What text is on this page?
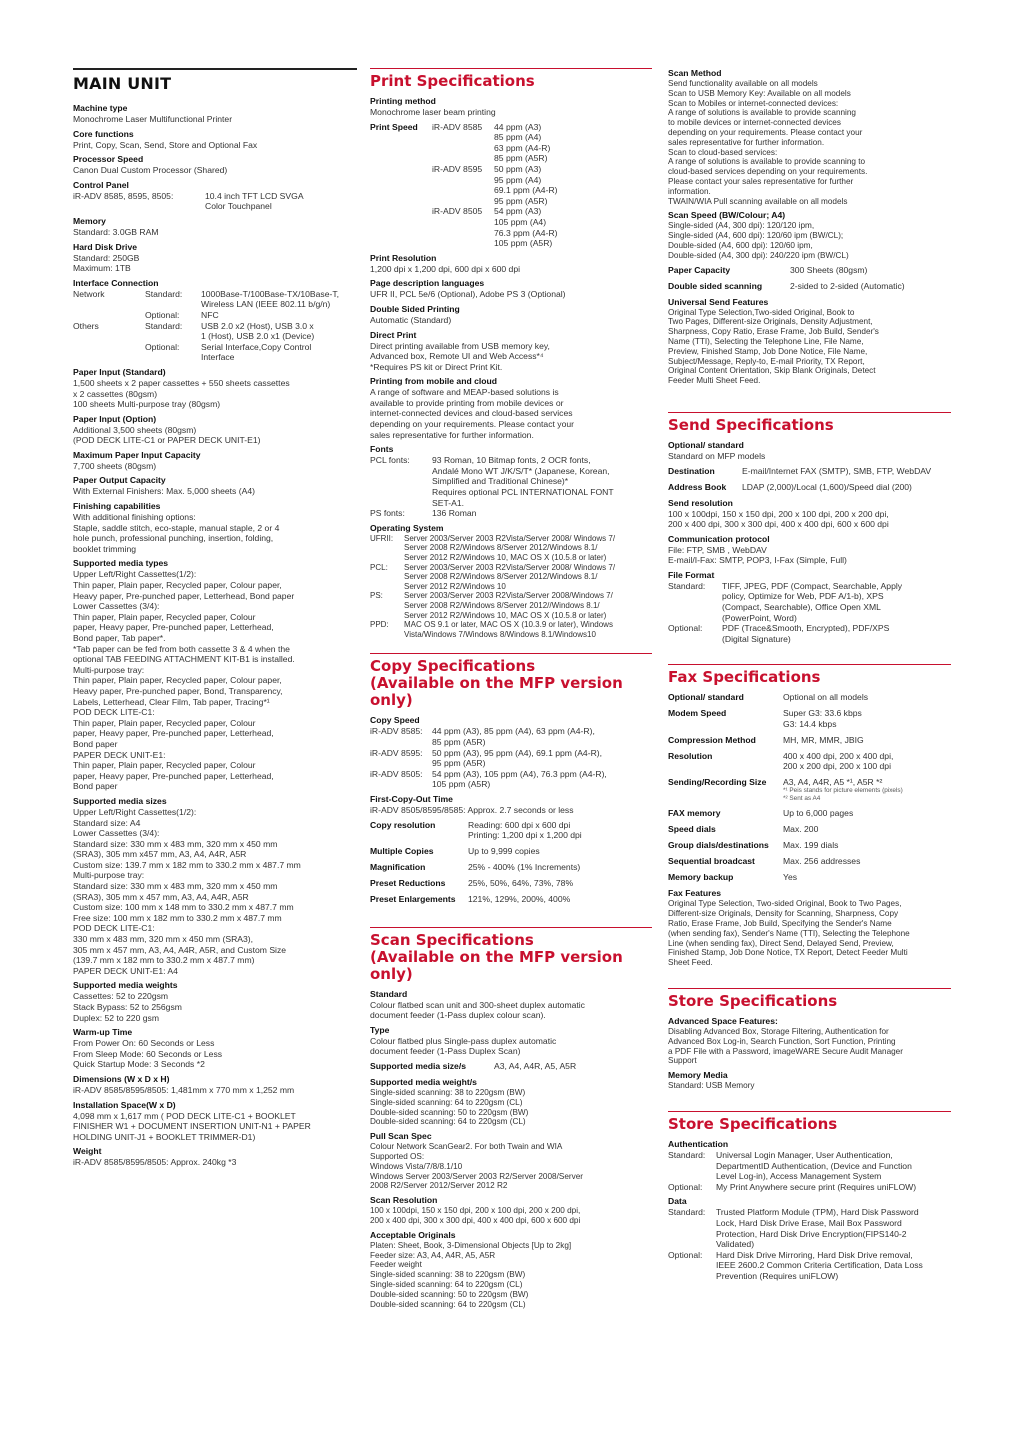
MAIN UNIT
Machine type
Monochrome Laser Multifunctional Printer
Core functions
Print, Copy, Scan, Send, Store and Optional Fax
Processor Speed
Canon Dual Custom Processor (Shared)
Control Panel
iR-ADV 8585, 8595, 8505:	10.4 inch TFT LCD SVGA
Color Touchpanel
Memory
Standard: 3.0GB RAM
Hard Disk Drive
Standard: 250GB
Maximum: 1TB
Interface Connection
Network	Standard:	1000Base-T/100Base-TX/10Base-T,
Wireless LAN (IEEE 802.11 b/g/n)
Optional:	NFC
Others	Standard:	USB 2.0 x2 (Host), USB 3.0 x
1 (Host), USB 2.0 x1 (Device)
Optional:	Serial Interface,Copy Control
Interface
Paper Input (Standard)
1,500 sheets x 2 paper cassettes + 550 sheets cassettes
x 2 cassettes (80gsm)
100 sheets Multi-purpose tray (80gsm)
Paper Input (Option)
Additional 3,500 sheets (80gsm)
(POD DECK LITE-C1 or PAPER DECK UNIT-E1)
Maximum Paper Input Capacity
7,700 sheets (80gsm)
Paper Output Capacity
With External Finishers: Max. 5,000 sheets (A4)
Finishing capabilities
With additional finishing options:
Staple, saddle stitch, eco-staple, manual staple, 2 or 4
hole punch, professional punching, insertion, folding,
booklet trimming
Supported media types
Upper Left/Right Cassettes(1/2):
Thin paper, Plain paper, Recycled paper, Colour paper,
Heavy paper, Pre-punched paper, Letterhead, Bond paper
Lower Cassettes (3/4):
Thin paper, Plain paper, Recycled paper, Colour
paper, Heavy paper, Pre-punched paper, Letterhead,
Bond paper, Tab paper*.
*Tab paper can be fed from both cassette 3 & 4 when the
optional TAB FEEDING ATTACHMENT KIT-B1 is installed.
Multi-purpose tray:
Thin paper, Plain paper, Recycled paper, Colour paper,
Heavy paper, Pre-punched paper, Bond, Transparency,
Labels, Letterhead, Clear Film, Tab paper, Tracing*¹
POD DECK LITE-C1:
Thin paper, Plain paper, Recycled paper, Colour
paper, Heavy paper, Pre-punched paper, Letterhead,
Bond paper
PAPER DECK UNIT-E1:
Thin paper, Plain paper, Recycled paper, Colour
paper, Heavy paper, Pre-punched paper, Letterhead,
Bond paper
Supported media sizes
Upper Left/Right Cassettes(1/2):
Standard size: A4
Lower Cassettes (3/4):
Standard size: 330 mm x 483 mm, 320 mm x 450 mm
(SRA3), 305 mm x457 mm, A3, A4, A4R, A5R
Custom size: 139.7 mm x 182 mm to 330.2 mm x 487.7 mm
Multi-purpose tray:
Standard size: 330 mm x 483 mm, 320 mm x 450 mm
(SRA3), 305 mm x 457 mm, A3, A4, A4R, A5R
Custom size: 100 mm x 148 mm to 330.2 mm x 487.7 mm
Free size: 100 mm x 182 mm to 330.2 mm x 487.7 mm
POD DECK LITE-C1:
330 mm x 483 mm, 320 mm x 450 mm (SRA3),
305 mm x 457 mm, A3, A4, A4R, A5R, and Custom Size
(139.7 mm x 182 mm to 330.2 mm x 487.7 mm)
PAPER DECK UNIT-E1: A4
Supported media weights
Cassettes: 52 to 220gsm
Stack Bypass: 52 to 256gsm
Duplex: 52 to 220 gsm
Warm-up Time
From Power On: 60 Seconds or Less
From Sleep Mode: 60 Seconds or Less
Quick Startup Mode: 3 Seconds *2
Dimensions (W x D x H)
iR-ADV 8585/8595/8505: 1,481mm x 770 mm x 1,252 mm
Installation Space(W x D)
4,098 mm x 1,617 mm ( POD DECK LITE-C1 + BOOKLET
FINISHER W1 + DOCUMENT INSERTION UNIT-N1 + PAPER
HOLDING UNIT-J1 + BOOKLET TRIMMER-D1)
Weight
iR-ADV 8585/8595/8505: Approx. 240kg *3
Print Specifications
Printing method
Monochrome laser beam printing
Print Speed	iR-ADV 8585	44 ppm (A3)
85 ppm (A4)
63 ppm (A4-R)
85 ppm (A5R)
iR-ADV 8595	50 ppm (A3)
95 ppm (A4)
69.1 ppm (A4-R)
95 ppm (A5R)
iR-ADV 8505	54 ppm (A3)
105 ppm (A4)
76.3 ppm (A4-R)
105 ppm (A5R)
Print Resolution
1,200 dpi x 1,200 dpi, 600 dpi x 600 dpi
Page description languages
UFR II, PCL 5e/6 (Optional), Adobe PS 3 (Optional)
Double Sided Printing
Automatic (Standard)
Direct Print
Direct printing available from USB memory key,
Advanced box, Remote UI and Web Access*⁴
*Requires PS kit or Direct Print Kit.
Printing from mobile and cloud
A range of software and MEAP-based solutions is
available to provide printing from mobile devices or
internet-connected devices and cloud-based services
depending on your requirements. Please contact your
sales representative for further information.
Fonts
PCL fonts:	93 Roman, 10 Bitmap fonts, 2 OCR fonts,
Andalé Mono WT J/K/S/T* (Japanese, Korean,
Simplified and Traditional Chinese)*
Requires optional PCL INTERNATIONAL FONT
SET-A1.
PS fonts:	136 Roman
Operating System
UFRII:	Server 2003/Server 2003 R2Vista/Server 2008/ Windows 7/
Server 2008 R2/Windows 8/Server 2012/Windows 8.1/
Server 2012 R2/Windows 10, MAC OS X (10.5.8 or later)
PCL:	Server 2003/Server 2003 R2Vista/Server 2008/ Windows 7/
Server 2008 R2/Windows 8/Server 2012/Windows 8.1/
Server 2012 R2/Windows 10
PS:	Server 2003/Server 2003 R2Vista/Server 2008/Windows 7/
Server 2008 R2/Windows 8/Server 2012//Windows 8.1/
Server 2012 R2/Windows 10, MAC OS X (10.5.8 or later)
PPD:	MAC OS 9.1 or later, MAC OS X (10.3.9 or later), Windows
Vista/Windows 7/Windows 8/Windows 8.1/Windows10
Copy Specifications
(Available on the MFP version only)
Copy Speed
iR-ADV 8585:	44 ppm (A3), 85 ppm (A4), 63 ppm (A4-R),
85 ppm (A5R)
iR-ADV 8595:	50 ppm (A3), 95 ppm (A4), 69.1 ppm (A4-R),
95 ppm (A5R)
iR-ADV 8505:	54 ppm (A3), 105 ppm (A4), 76.3 ppm (A4-R),
105 ppm (A5R)
First-Copy-Out Time
iR-ADV 8505/8595/8585: Approx. 2.7 seconds or less
Copy resolution	Reading: 600 dpi x 600 dpi
Printing: 1,200 dpi x 1,200 dpi
Multiple Copies	Up to 9,999 copies
Magnification	25% - 400% (1% Increments)
Preset Reductions	25%, 50%, 64%, 73%, 78%
Preset Enlargements	121%, 129%, 200%, 400%
Scan Specifications
(Available on the MFP version only)
Standard
Colour flatbed scan unit and 300-sheet duplex automatic
document feeder (1-Pass duplex colour scan).
Type
Colour flatbed plus Single-pass duplex automatic
document feeder (1-Pass Duplex Scan)
Supported media size/s	A3, A4, A4R, A5, A5R
Supported media weight/s
Single-sided scanning: 38 to 220gsm (BW)
Single-sided scanning: 64 to 220gsm (CL)
Double-sided scanning: 50 to 220gsm (BW)
Double-sided scanning: 64 to 220gsm (CL)
Pull Scan Spec
Colour Network ScanGear2. For both Twain and WIA
Supported OS:
Windows Vista/7/8/8.1/10
Windows Server 2003/Server 2003 R2/Server 2008/Server
2008 R2/Server 2012/Server 2012 R2
Scan Resolution
100 x 100dpi, 150 x 150 dpi, 200 x 100 dpi, 200 x 200 dpi,
200 x 400 dpi, 300 x 300 dpi, 400 x 400 dpi, 600 x 600 dpi
Acceptable Originals
Platen: Sheet, Book, 3-Dimensional Objects [Up to 2kg]
Feeder size: A3, A4, A4R, A5, A5R
Feeder weight
Single-sided scanning: 38 to 220gsm (BW)
Single-sided scanning: 64 to 220gsm (CL)
Double-sided scanning: 50 to 220gsm (BW)
Double-sided scanning: 64 to 220gsm (CL)
Scan Method
Send functionality available on all models
Scan to USB Memory Key: Available on all models
Scan to Mobiles or internet-connected devices:
A range of solutions is available to provide scanning
to mobile devices or internet-connected devices
depending on your requirements. Please contact your
sales representative for further information.
Scan to cloud-based services:
A range of solutions is available to provide scanning to
cloud-based services depending on your requirements.
Please contact your sales representative for further
information.
TWAIN/WIA Pull scanning available on all models
Scan Speed (BW/Colour; A4)
Single-sided (A4, 300 dpi): 120/120 ipm,
Single-sided (A4, 600 dpi): 120/60 ipm (BW/CL);
Double-sided (A4, 600 dpi): 120/60 ipm,
Double-sided (A4, 300 dpi): 240/220 ipm (BW/CL)
Paper Capacity	300 Sheets (80gsm)
Double sided scanning	2-sided to 2-sided (Automatic)
Universal Send Features
Original Type Selection,Two-sided Original, Book to
Two Pages, Different-size Originals, Density Adjustment,
Sharpness, Copy Ratio, Erase Frame, Job Build, Sender's
Name (TTI), Selecting the Telephone Line, File Name,
Preview, Finished Stamp, Job Done Notice, File Name,
Subject/Message, Reply-to, E-mail Priority, TX Report,
Original Content Orientation, Skip Blank Originals, Detect
Feeder Multi Sheet Feed.
Send Specifications
Optional/ standard
Standard on MFP models
Destination	E-mail/Internet FAX (SMTP), SMB, FTP, WebDAV
Address Book	LDAP (2,000)/Local (1,600)/Speed dial (200)
Send resolution
100 x 100dpi, 150 x 150 dpi, 200 x 100 dpi, 200 x 200 dpi,
200 x 400 dpi, 300 x 300 dpi, 400 x 400 dpi, 600 x 600 dpi
Communication protocol
File: FTP, SMB , WebDAV
E-mail/I-Fax: SMTP, POP3, I-Fax (Simple, Full)
File Format
Standard:	TIFF, JPEG, PDF (Compact, Searchable, Apply
policy, Optimize for Web, PDF A/1-b), XPS
(Compact, Searchable), Office Open XML
(PowerPoint, Word)
Optional:	PDF (Trace&Smooth, Encrypted), PDF/XPS
(Digital Signature)
Fax Specifications
Optional/ standard	Optional on all models
Modem Speed	Super G3: 33.6 kbps
G3: 14.4 kbps
Compression Method	MH, MR, MMR, JBIG
Resolution	400 x 400 dpi, 200 x 400 dpi,
200 x 200 dpi, 200 x 100 dpi
Sending/Recording Size	A3, A4, A4R, A5 *¹, A5R *²
*¹ Peis stands for picture elements (pixels)
*² Sent as A4
FAX memory	Up to 6,000 pages
Speed dials	Max. 200
Group dials/destinations	Max. 199 dials
Sequential broadcast	Max. 256 addresses
Memory backup	Yes
Fax Features
Original Type Selection, Two-sided Original, Book to Two Pages,
Different-size Originals, Density for Scanning, Sharpness, Copy
Ratio, Erase Frame, Job Build, Specifying the Sender's Name
(when sending fax), Sender's Name (TTI), Selecting the Telephone
Line (when sending fax), Direct Send, Delayed Send, Preview,
Finished Stamp, Job Done Notice, TX Report, Detect Feeder Multi
Sheet Feed.
Store Specifications
Advanced Space Features:
Disabling Advanced Box, Storage Filtering, Authentication for
Advanced Box Log-in, Search Function, Sort Function, Printing
a PDF File with a Password, imageWARE Secure Audit Manager
Support
Memory Media
Standard: USB Memory
Store Specifications
Authentication
Standard:	Universal Login Manager, User Authentication,
DepartmentID Authentication, (Device and Function
Level Log-in), Access Management System
Optional:	My Print Anywhere secure print (Requires uniFLOW)
Data
Standard:	Trusted Platform Module (TPM), Hard Disk Password
Lock, Hard Disk Drive Erase, Mail Box Password
Protection, Hard Disk Drive Encryption(FIPS140-2
Validated)
Optional:	Hard Disk Drive Mirroring, Hard Disk Drive removal,
IEEE 2600.2 Common Criteria Certification, Data Loss
Prevention (Requires uniFLOW)
